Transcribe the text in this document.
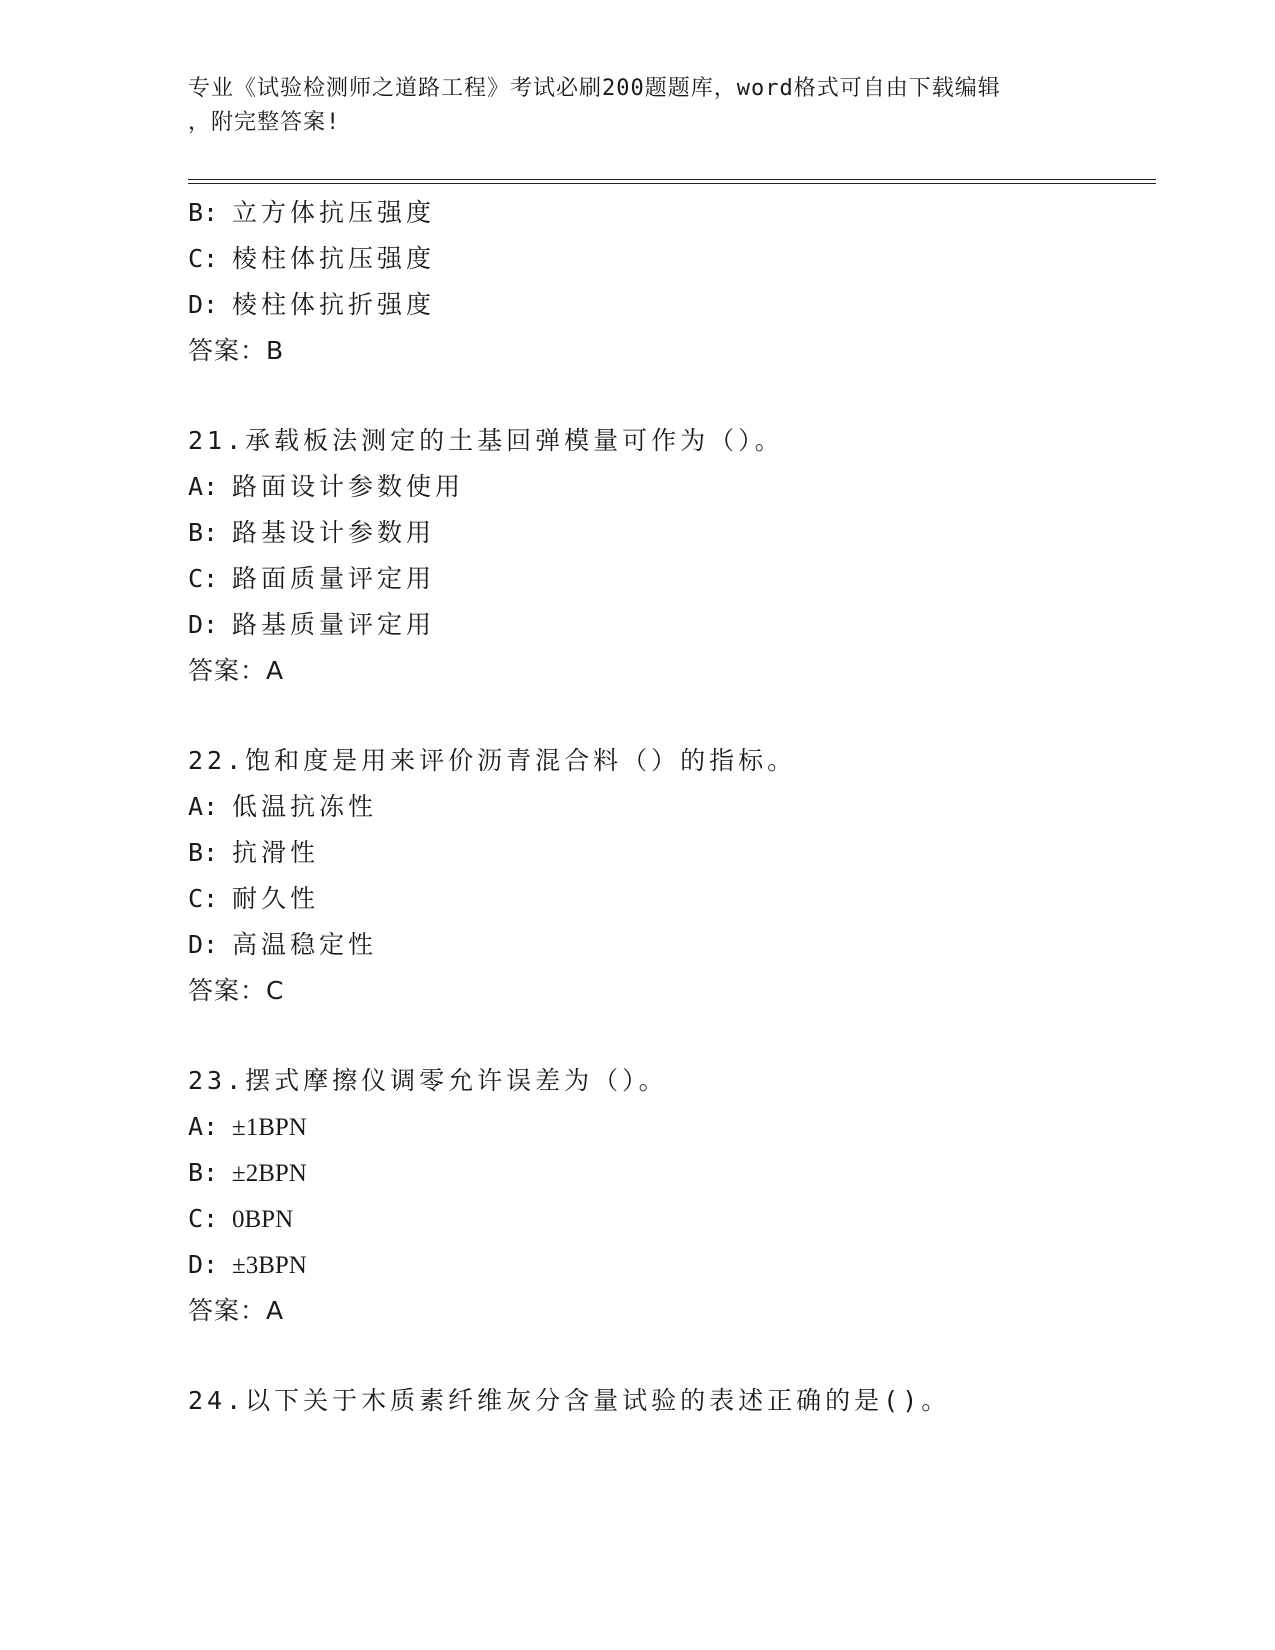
专业《试验检测师之道路工程》考试必刷200题题库，word格式可自由下载编辑
，附完整答案!
B: 立方体抗压强度
C: 棱柱体抗压强度
D: 棱柱体抗折强度
答案：B
21.承载板法测定的土基回弹模量可作为（）。
A: 路面设计参数使用
B: 路基设计参数用
C: 路面质量评定用
D: 路基质量评定用
答案：A
22.饱和度是用来评价沥青混合料（）的指标。
A: 低温抗冻性
B: 抗滑性
C: 耐久性
D: 高温稳定性
答案：C
23.摆式摩擦仪调零允许误差为（）。
A: ±1BPN
B: ±2BPN
C: 0BPN
D: ±3BPN
答案：A
24.以下关于木质素纤维灰分含量试验的表述正确的是()。
